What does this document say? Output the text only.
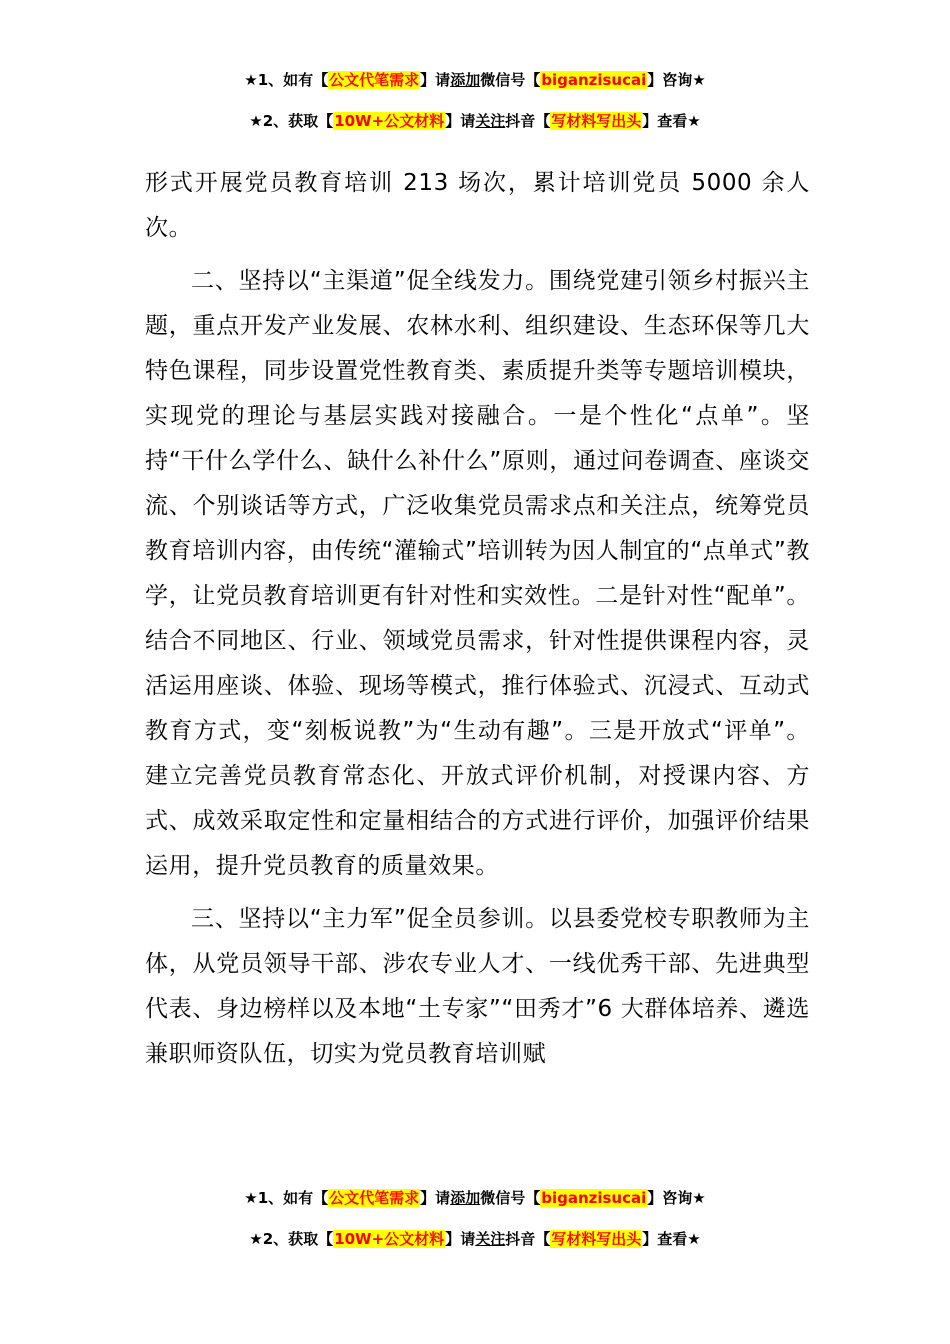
★1、如有【公文代笔需求】请添加微信号【biganzisucai】咨询★
★2、获取【10W+公文材料】请关注抖音【写材料写出头】查看★

形式开展党员教育培训 213 场次，累计培训党员 5000 余人次。

二、坚持以“主渠道”促全线发力。围绕党建引领乡村振兴主题，重点开发产业发展、农林水利、组织建设、生态环保等几大特色课程，同步设置党性教育类、素质提升类等专题培训模块，实现党的理论与基层实践对接融合。一是个性化“点单”。坚持“干什么学什么、缺什么补什么”原则，通过问卷调查、座谈交流、个别谈话等方式，广泛收集党员需求点和关注点，统筹党员教育培训内容，由传统“灌输式”培训转为因人制宜的“点单式”教学，让党员教育培训更有针对性和实效性。二是针对性“配单”。结合不同地区、行业、领域党员需求，针对性提供课程内容，灵活运用座谈、体验、现场等模式，推行体验式、沉浸式、互动式教育方式，变“刻板说教”为“生动有趣”。三是开放式“评单”。建立完善党员教育常态化、开放式评价机制，对授课内容、方式、成效采取定性和定量相结合的方式进行评价，加强评价结果运用，提升党员教育的质量效果。

三、坚持以“主力军”促全员参训。以县委党校专职教师为主体，从党员领导干部、涉农专业人才、一线优秀干部、先进典型代表、身边榜样以及本地“土专家”“田秀才”6 大群体培养、遴选兼职师资队伍，切实为党员教育培训赋

★1、如有【公文代笔需求】请添加微信号【biganzisucai】咨询★
★2、获取【10W+公文材料】请关注抖音【写材料写出头】查看★
